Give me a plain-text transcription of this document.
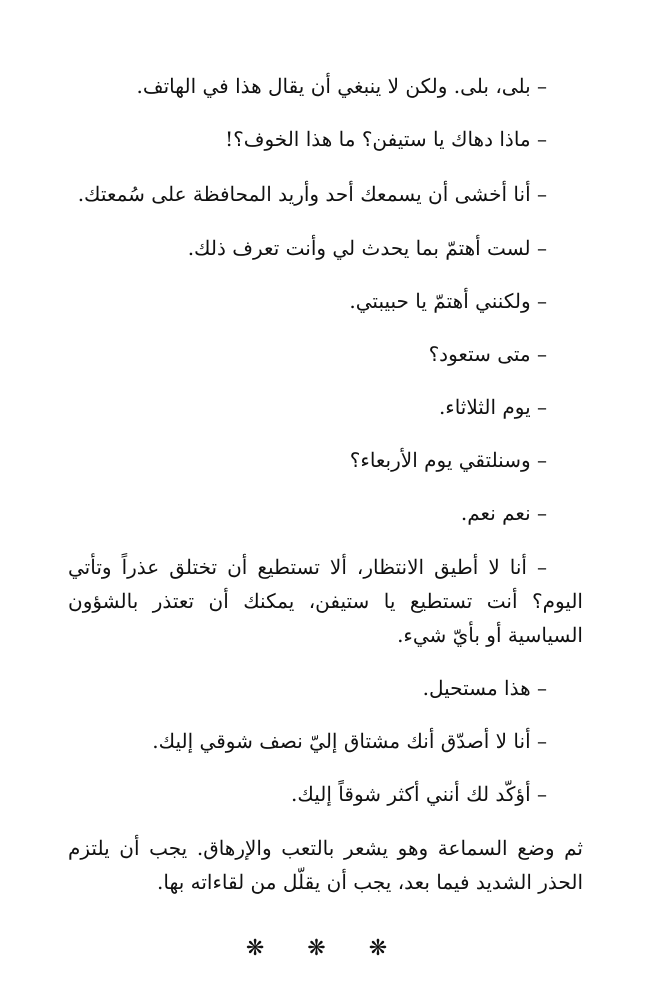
– بلى، بلى. ولكن لا ينبغي أن يقال هذا في الهاتف.
– ماذا دهاك يا ستيفن؟ ما هذا الخوف؟!
– أنا أخشى أن يسمعك أحد وأريد المحافظة على سُمعتك.
– لست أهتمّ بما يحدث لي وأنت تعرف ذلك.
– ولكنني أهتمّ يا حبيبتي.
– متى ستعود؟
– يوم الثلاثاء.
– وسنلتقي يوم الأربعاء؟
– نعم نعم.
– أنا لا أطيق الانتظار، ألا تستطيع أن تختلق عذراً وتأتي اليوم؟ أنت تستطيع يا ستيفن، يمكنك أن تعتذر بالشؤون السياسية أو بأيّ شيء.
– هذا مستحيل.
– أنا لا أصدّق أنك مشتاق إليّ نصف شوقي إليك.
– أؤكّد لك أنني أكثر شوقاً إليك.
ثم وضع السماعة وهو يشعر بالتعب والإرهاق. يجب أن يلتزم الحذر الشديد فيما بعد، يجب أن يقلّل من لقاءاته بها.
❋ ❋ ❋
